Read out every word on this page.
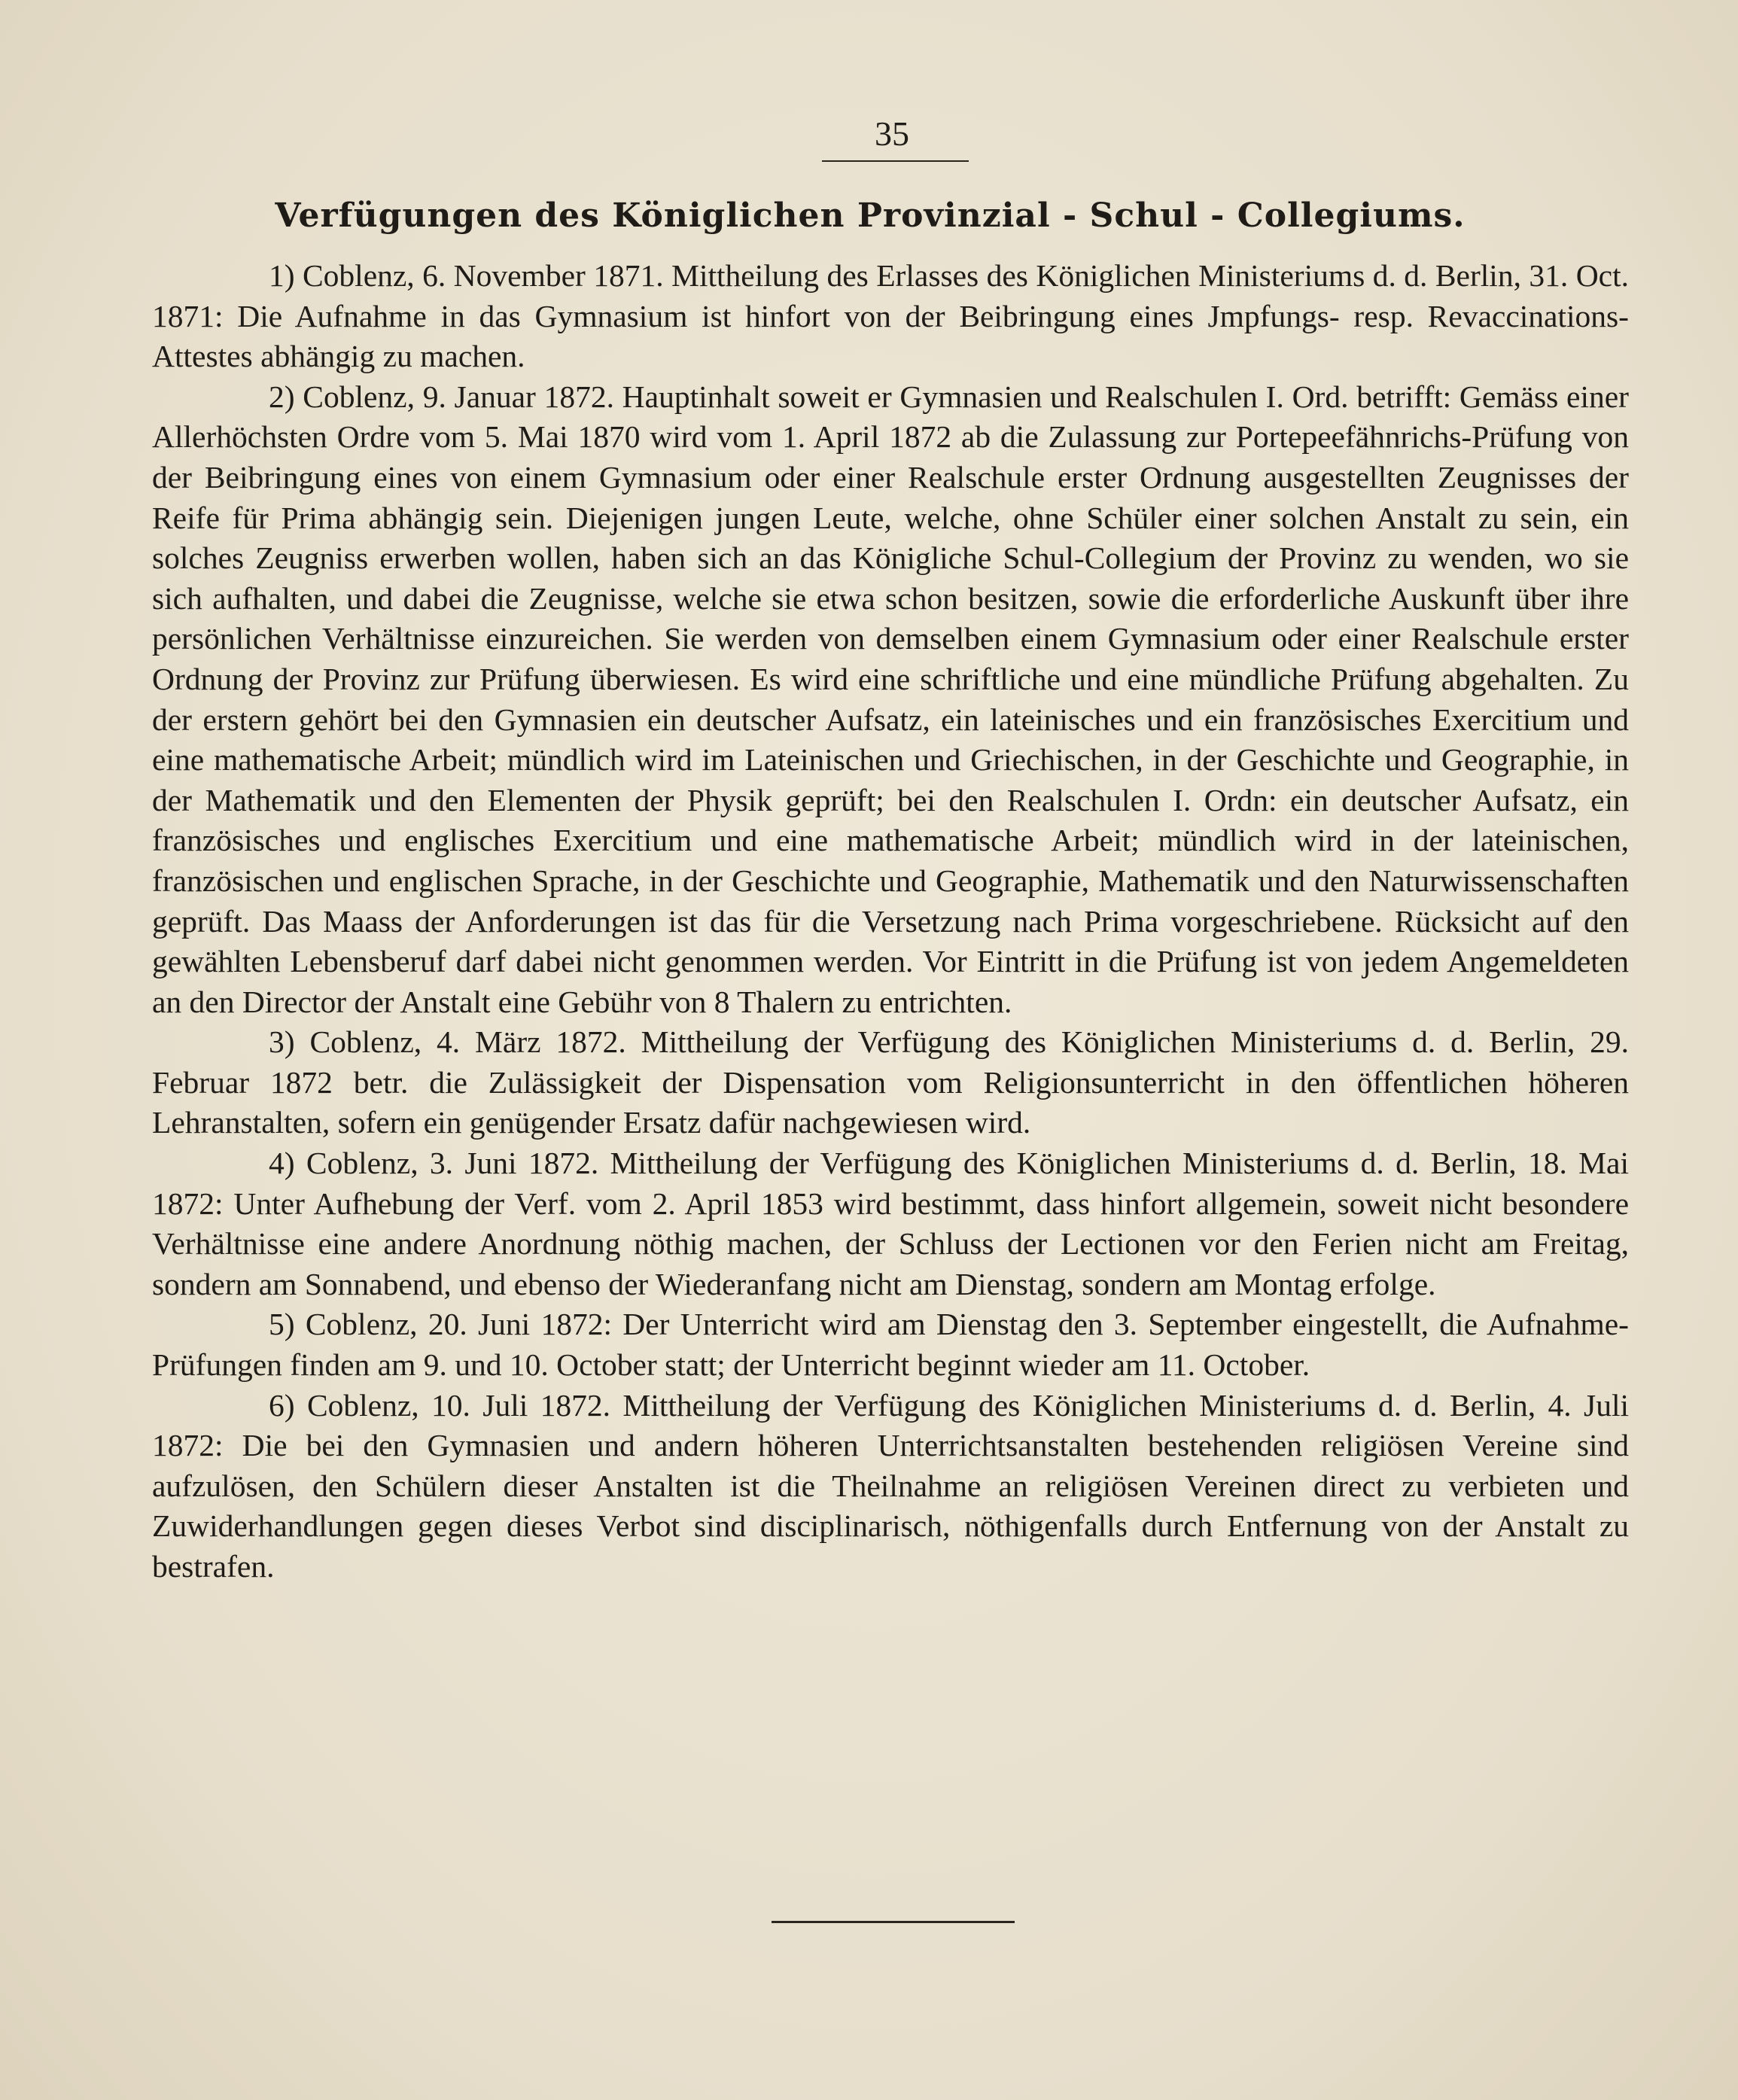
35
Verfügungen des Königlichen Provinzial - Schul - Collegiums.

1) Coblenz, 6. November 1871. Mittheilung des Erlasses des Königlichen Ministeriums d. d. Berlin, 31. Oct. 1871: Die Aufnahme in das Gymnasium ist hinfort von der Beibringung eines Jmpfungs- resp. Revaccinations-Attestes abhängig zu machen.

2) Coblenz, 9. Januar 1872. Hauptinhalt soweit er Gymnasien und Realschulen I. Ord. betrifft: Gemäss einer Allerhöchsten Ordre vom 5. Mai 1870 wird vom 1. April 1872 ab die Zulassung zur Portepeefähnrichs-Prüfung von der Beibringung eines von einem Gymnasium oder einer Realschule erster Ordnung ausgestellten Zeugnisses der Reife für Prima abhängig sein. Diejenigen jungen Leute, welche, ohne Schüler einer solchen Anstalt zu sein, ein solches Zeugniss erwerben wollen, haben sich an das Königliche Schul-Collegium der Provinz zu wenden, wo sie sich aufhalten, und dabei die Zeugnisse, welche sie etwa schon besitzen, sowie die erforderliche Auskunft über ihre persönlichen Verhältnisse einzureichen. Sie werden von demselben einem Gymnasium oder einer Realschule erster Ordnung der Provinz zur Prüfung überwiesen. Es wird eine schriftliche und eine mündliche Prüfung abgehalten. Zu der erstern gehört bei den Gymnasien ein deutscher Aufsatz, ein lateinisches und ein französisches Exercitium und eine mathematische Arbeit; mündlich wird im Lateinischen und Griechischen, in der Geschichte und Geographie, in der Mathematik und den Elementen der Physik geprüft; bei den Realschulen I. Ordn: ein deutscher Aufsatz, ein französisches und englisches Exercitium und eine mathematische Arbeit; mündlich wird in der lateinischen, französischen und englischen Sprache, in der Geschichte und Geographie, Mathematik und den Naturwissenschaften geprüft. Das Maass der Anforderungen ist das für die Versetzung nach Prima vorgeschriebene. Rücksicht auf den gewählten Lebensberuf darf dabei nicht genommen werden. Vor Eintritt in die Prüfung ist von jedem Angemeldeten an den Director der Anstalt eine Gebühr von 8 Thalern zu entrichten.

3) Coblenz, 4. März 1872. Mittheilung der Verfügung des Königlichen Ministeriums d. d. Berlin, 29. Februar 1872 betr. die Zulässigkeit der Dispensation vom Religionsunterricht in den öffentlichen höheren Lehranstalten, sofern ein genügender Ersatz dafür nachgewiesen wird.

4) Coblenz, 3. Juni 1872. Mittheilung der Verfügung des Königlichen Ministeriums d. d. Berlin, 18. Mai 1872: Unter Aufhebung der Verf. vom 2. April 1853 wird bestimmt, dass hinfort allgemein, soweit nicht besondere Verhältnisse eine andere Anordnung nöthig machen, der Schluss der Lectionen vor den Ferien nicht am Freitag, sondern am Sonnabend, und ebenso der Wiederanfang nicht am Dienstag, sondern am Montag erfolge.

5) Coblenz, 20. Juni 1872: Der Unterricht wird am Dienstag den 3. September eingestellt, die Aufnahme-Prüfungen finden am 9. und 10. October statt; der Unterricht beginnt wieder am 11. October.

6) Coblenz, 10. Juli 1872. Mittheilung der Verfügung des Königlichen Ministeriums d. d. Berlin, 4. Juli 1872: Die bei den Gymnasien und andern höheren Unterrichtsanstalten bestehenden religiösen Vereine sind aufzulösen, den Schülern dieser Anstalten ist die Theilnahme an religiösen Vereinen direct zu verbieten und Zuwiderhandlungen gegen dieses Verbot sind disciplinarisch, nöthigenfalls durch Entfernung von der Anstalt zu bestrafen.
